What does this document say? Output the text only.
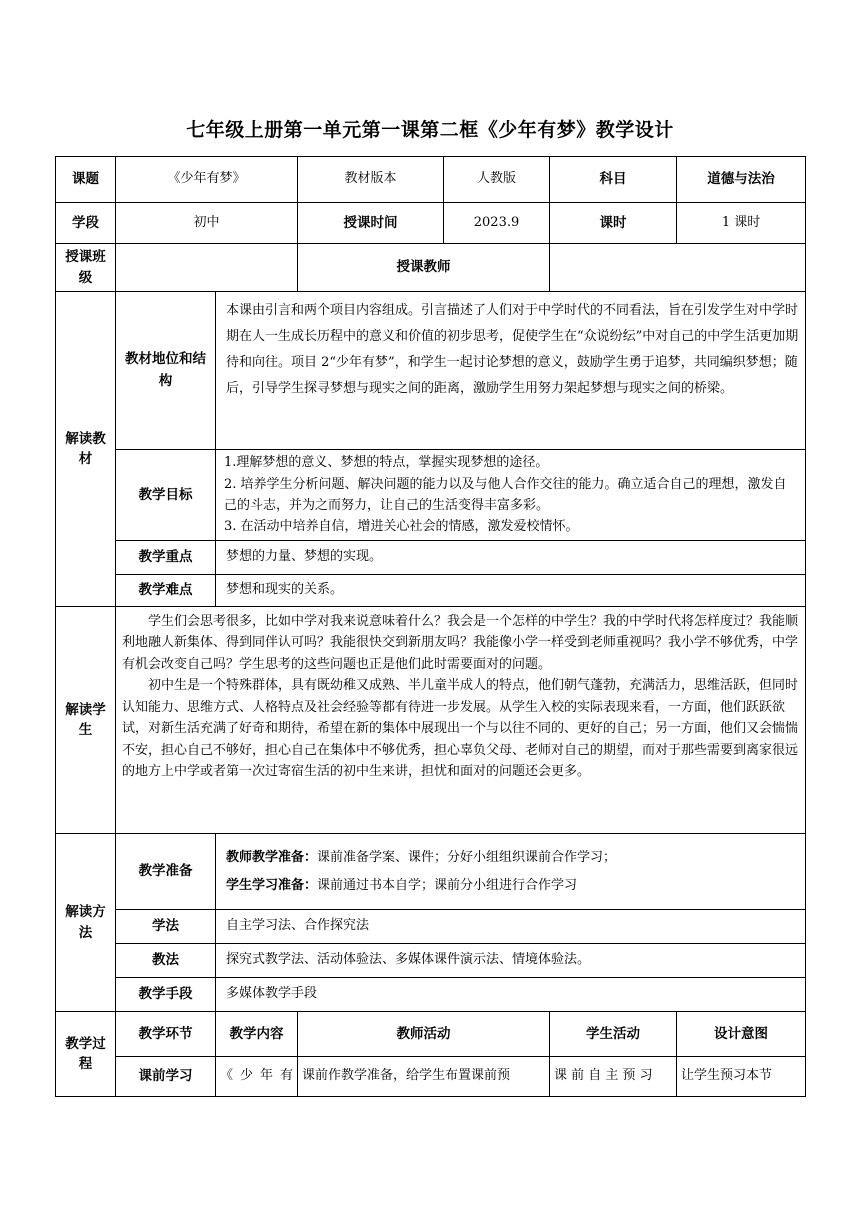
七年级上册第一单元第一课第二框《少年有梦》教学设计
课题	《少年有梦》		教材版本	人教版	科目	道德与法治
学段	初中		授课时间	2023.9	课时	1 课时
授课班级			授课教师			
解读教材	教材地位和结构	本课由引言和两个项目内容组成。引言描述了人们对于中学时代的不同看法，旨在引发学生对中学时期在人一生成长历程中的意义和价值的初步思考，促使学生在“众说纷纭”中对自己的中学生活更加期待和向往。项目 2“少年有梦”，和学生一起讨论梦想的意义，鼓励学生勇于追梦，共同编织梦想；随后，引导学生探寻梦想与现实之间的距离，激励学生用努力架起梦想与现实之间的桥梁。				
	教学目标	1.理解梦想的意义、梦想的特点，掌握实现梦想的途径。
2. 培养学生分析问题、解决问题的能力以及与他人合作交往的能力。确立适合自己的理想，激发自己的斗志，并为之而努力，让自己的生活变得丰富多彩。
3. 在活动中培养自信，增进关心社会的情感，激发爱校情怀。				

	教学重点	梦想的力量、梦想的实现。				
	教学难点	梦想和现实的关系。				
解读学生	学生们会思考很多，比如中学对我来说意味着什么？我会是一个怎样的中学生？我的中学时代将怎样度过？我能顺利地融人新集体、得到同伴认可吗？我能很快交到新朋友吗？我能像小学一样受到老师重视吗？我小学不够优秀，中学有机会改变自己吗？学生思考的这些问题也正是他们此时需要面对的问题。
初中生是一个特殊群体，具有既幼稚又成熟、半儿童半成人的特点，他们朝气蓬勃，充满活力，思维活跃，但同时认知能力、思维方式、人格特点及社会经验等都有待进一步发展。从学生入校的实际表现来看，一方面，他们跃跃欲试，对新生活充满了好奇和期待，希望在新的集体中展现出一个与以往不同的、更好的自己；另一方面，他们又会惴惴不安，担心自己不够好，担心自己在集体中不够优秀，担心辜负父母、老师对自己的期望，而对于那些需要到离家很远的地方上中学或者第一次过寄宿生活的初中生来讲，担忧和面对的问题还会更多。					

解读方法	教学准备	教师教学准备：课前准备学案、课件；分好小组组织课前合作学习；
学生学习准备：课前通过书本自学；课前分小组进行合作学习				

	学法	自主学习法、合作探究法				
	教法	探究式教学法、活动体验法、多媒体课件演示法、情境体验法。				
	教学手段	多媒体教学手段				
教学过程	教学环节	教学内容	教师活动		学生活动	设计意图
	课前学习	《少年有	课前作教学准备，给学生布置课前预		课 前 自 主 预 习	让学生预习本节
